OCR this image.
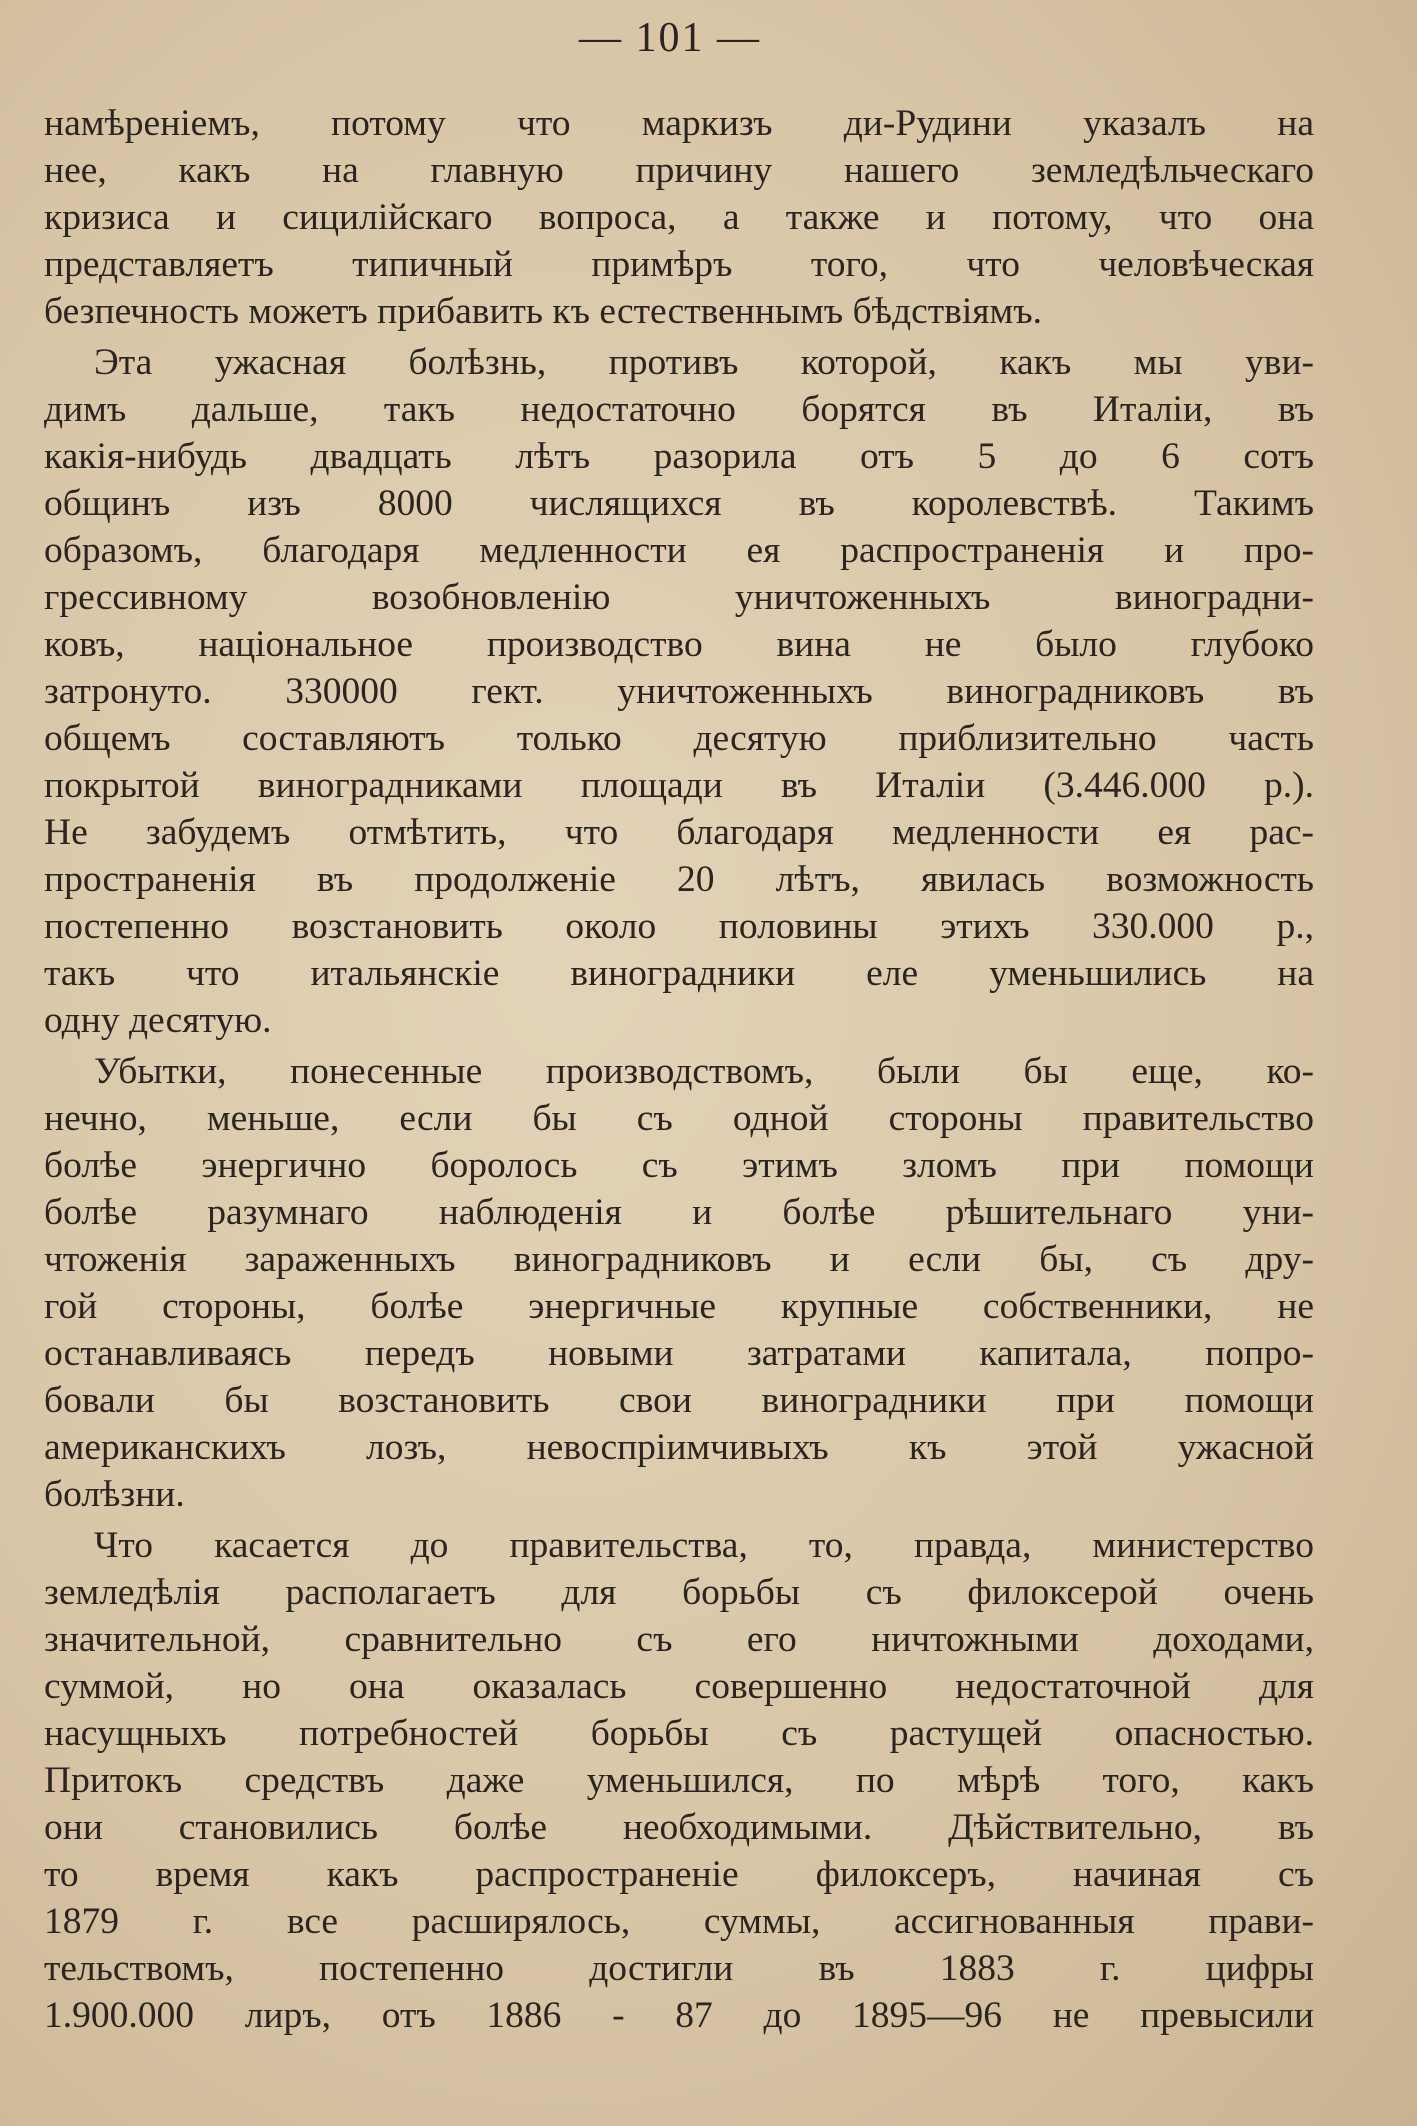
— 101 —
намѣреніемъ, потому что маркизъ ди-Рудини указалъ на
нее, какъ на главную причину нашего земледѣльческаго
кризиса и сицилійскаго вопроса, а также и потому, что она
представляетъ типичный примѣръ того, что человѣческая
безпечность можетъ прибавить къ естественнымъ бѣдствіямъ.
Эта ужасная болѣзнь, противъ которой, какъ мы уви-
димъ дальше, такъ недостаточно борятся въ Италіи, въ
какія-нибудь двадцать лѣтъ разорила отъ 5 до 6 сотъ
общинъ изъ 8000 числящихся въ королевствѣ. Такимъ
образомъ, благодаря медленности ея распространенія и про-
грессивному возобновленію уничтоженныхъ виноградни-
ковъ, національное производство вина не было глубоко
затронуто. 330000 гект. уничтоженныхъ виноградниковъ въ
общемъ составляютъ только десятую приблизительно часть
покрытой виноградниками площади въ Италіи (3.446.000 р.).
Не забудемъ отмѣтить, что благодаря медленности ея рас-
пространенія въ продолженіе 20 лѣтъ, явилась возможность
постепенно возстановить около половины этихъ 330.000 р.,
такъ что итальянскіе виноградники еле уменьшились на
одну десятую.
Убытки, понесенные производствомъ, были бы еще, ко-
нечно, меньше, если бы съ одной стороны правительство
болѣе энергично боролось съ этимъ зломъ при помощи
болѣе разумнаго наблюденія и болѣе рѣшительнаго уни-
чтоженія зараженныхъ виноградниковъ и если бы, съ дру-
гой стороны, болѣе энергичные крупные собственники, не
останавливаясь передъ новыми затратами капитала, попро-
бовали бы возстановить свои виноградники при помощи
американскихъ лозъ, невоспріимчивыхъ къ этой ужасной
болѣзни.
Что касается до правительства, то, правда, министерство
земледѣлія располагаетъ для борьбы съ филоксерой очень
значительной, сравнительно съ его ничтожными доходами,
суммой, но она оказалась совершенно недостаточной для
насущныхъ потребностей борьбы съ растущей опасностью.
Притокъ средствъ даже уменьшился, по мѣрѣ того, какъ
они становились болѣе необходимыми. Дѣйствительно, въ
то время какъ распространеніе филоксеръ, начиная съ
1879 г. все расширялось, суммы, ассигнованныя прави-
тельствомъ, постепенно достигли въ 1883 г. цифры
1.900.000 лиръ, отъ 1886 - 87 до 1895—96 не превысили
